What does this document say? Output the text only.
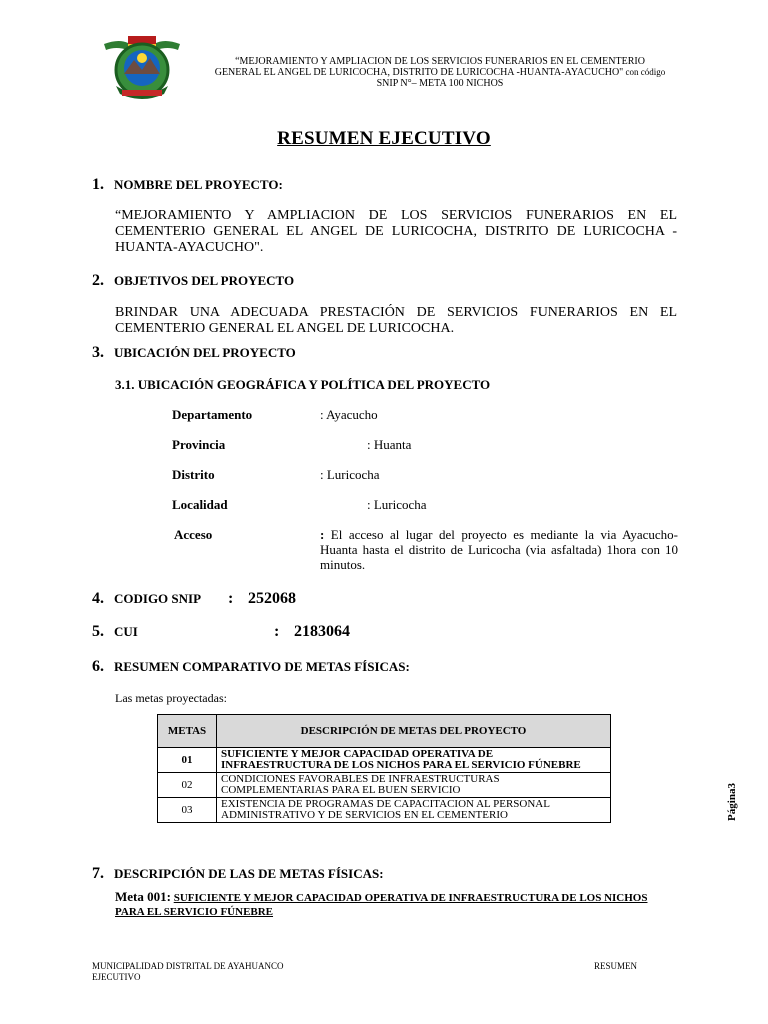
“MEJORAMIENTO Y AMPLIACION DE LOS SERVICIOS FUNERARIOS EN EL CEMENTERIO
GENERAL EL ANGEL DE LURICOCHA, DISTRITO DE LURICOCHA -HUANTA-AYACUCHO" con código
SNIP N°– META 100 NICHOS
RESUMEN EJECUTIVO
1. NOMBRE DEL PROYECTO:
“MEJORAMIENTO Y AMPLIACION DE LOS SERVICIOS FUNERARIOS EN EL CEMENTERIO GENERAL EL ANGEL DE LURICOCHA, DISTRITO DE LURICOCHA - HUANTA-AYACUCHO".
2. OBJETIVOS DEL PROYECTO
BRINDAR UNA ADECUADA PRESTACIÓN DE SERVICIOS FUNERARIOS EN EL CEMENTERIO GENERAL EL ANGEL DE LURICOCHA.
3. UBICACIÓN DEL PROYECTO
3.1. UBICACIÓN GEOGRÁFICA Y POLÍTICA DEL PROYECTO
Departamento	: Ayacucho
Provincia	: Huanta
Distrito	: Luricocha
Localidad	: Luricocha
Acceso	: El acceso al lugar del proyecto es mediante la via Ayacucho-Huanta hasta el distrito de Luricocha (via asfaltada) 1hora con 10 minutos.
4. CODIGO SNIP : 252068
5. CUI	: 2183064
6. RESUMEN COMPARATIVO DE METAS FÍSICAS:
Las metas proyectadas:
METAS	DESCRIPCIÓN DE METAS DEL PROYECTO
01	SUFICIENTE Y MEJOR CAPACIDAD OPERATIVA DE INFRAESTRUCTURA DE LOS NICHOS PARA EL SERVICIO FÚNEBRE
02	CONDICIONES FAVORABLES DE INFRAESTRUCTURAS COMPLEMENTARIAS PARA EL BUEN SERVICIO
03	EXISTENCIA DE PROGRAMAS DE CAPACITACION AL PERSONAL ADMINISTRATIVO Y DE SERVICIOS EN EL CEMENTERIO	Página3
7. DESCRIPCIÓN DE LAS DE METAS FÍSICAS:
Meta 001: SUFICIENTE Y MEJOR CAPACIDAD OPERATIVA DE INFRAESTRUCTURA DE LOS NICHOS PARA EL SERVICIO FÚNEBRE
MUNICIPALIDAD DISTRITAL DE AYAHUANCO	RESUMEN
EJECUTIVO
